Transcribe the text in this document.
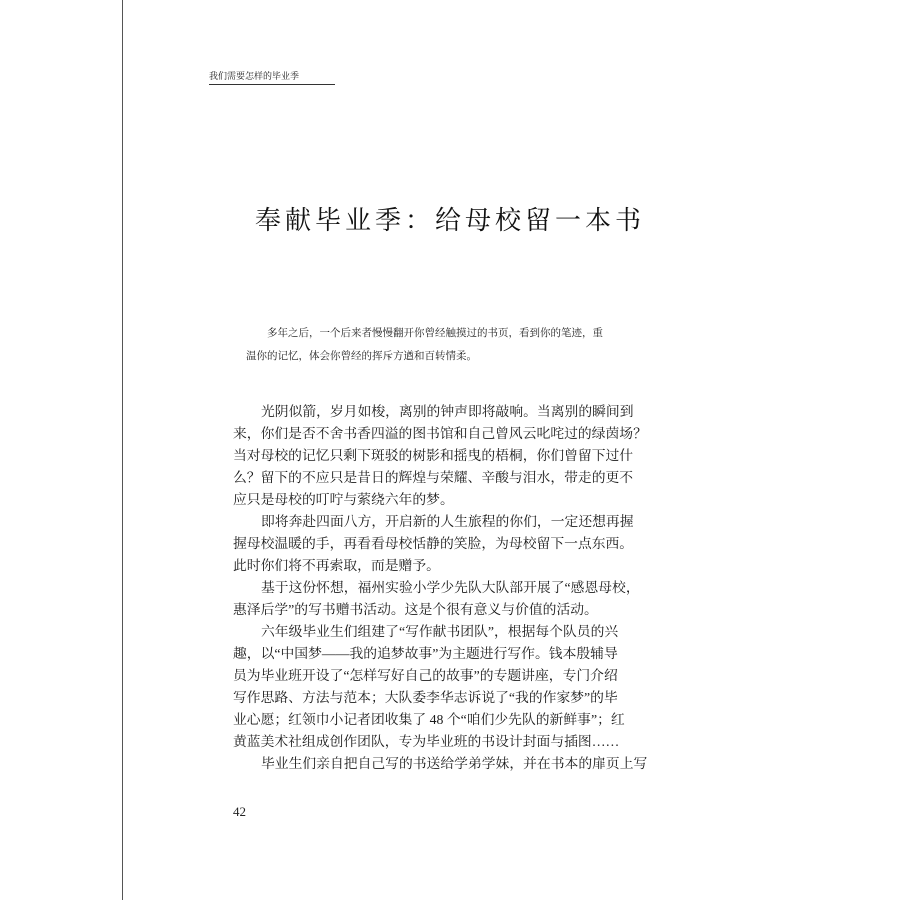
我们需要怎样的毕业季
奉献毕业季：给母校留一本书
多年之后，一个后来者慢慢翻开你曾经触摸过的书页，看到你的笔迹，重
温你的记忆，体会你曾经的挥斥方遒和百转情柔。
光阴似箭，岁月如梭，离别的钟声即将敲响。当离别的瞬间到
来，你们是否不舍书香四溢的图书馆和自己曾风云叱咤过的绿茵场？
当对母校的记忆只剩下斑驳的树影和摇曳的梧桐，你们曾留下过什
么？留下的不应只是昔日的辉煌与荣耀、辛酸与泪水，带走的更不
应只是母校的叮咛与萦绕六年的梦。
即将奔赴四面八方，开启新的人生旅程的你们，一定还想再握
握母校温暖的手，再看看母校恬静的笑脸，为母校留下一点东西。
此时你们将不再索取，而是赠予。
基于这份怀想，福州实验小学少先队大队部开展了“感恩母校，
惠泽后学”的写书赠书活动。这是个很有意义与价值的活动。
六年级毕业生们组建了“写作献书团队”，根据每个队员的兴
趣，以“中国梦——我的追梦故事”为主题进行写作。钱本殷辅导
员为毕业班开设了“怎样写好自己的故事”的专题讲座，专门介绍
写作思路、方法与范本；大队委李华志诉说了“我的作家梦”的毕
业心愿；红领巾小记者团收集了 48 个“咱们少先队的新鲜事”；红
黄蓝美术社组成创作团队，专为毕业班的书设计封面与插图……
毕业生们亲自把自己写的书送给学弟学妹，并在书本的扉页上写
42
